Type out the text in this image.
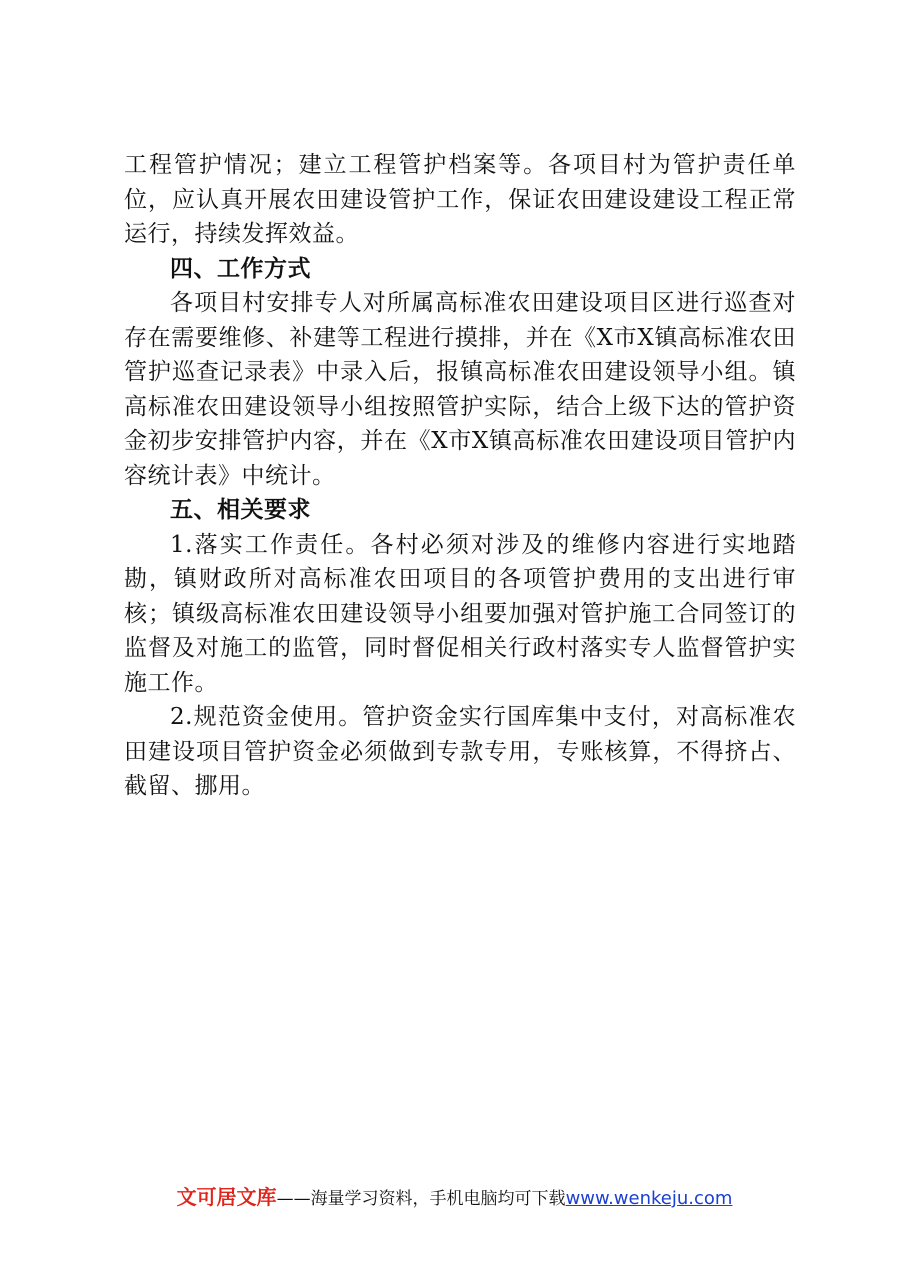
工程管护情况；建立工程管护档案等。各项目村为管护责任单位，应认真开展农田建设管护工作，保证农田建设建设工程正常运行，持续发挥效益。

四、工作方式

各项目村安排专人对所属高标准农田建设项目区进行巡查对存在需要维修、补建等工程进行摸排，并在《X市X镇高标准农田管护巡查记录表》中录入后，报镇高标准农田建设领导小组。镇高标准农田建设领导小组按照管护实际，结合上级下达的管护资金初步安排管护内容，并在《X市X镇高标准农田建设项目管护内容统计表》中统计。

五、相关要求

1.落实工作责任。各村必须对涉及的维修内容进行实地踏勘，镇财政所对高标准农田项目的各项管护费用的支出进行审核；镇级高标准农田建设领导小组要加强对管护施工合同签订的监督及对施工的监管，同时督促相关行政村落实专人监督管护实施工作。

2.规范资金使用。管护资金实行国库集中支付，对高标准农田建设项目管护资金必须做到专款专用，专账核算，不得挤占、截留、挪用。

文可居文库——海量学习资料，手机电脑均可下载www.wenkeju.com
